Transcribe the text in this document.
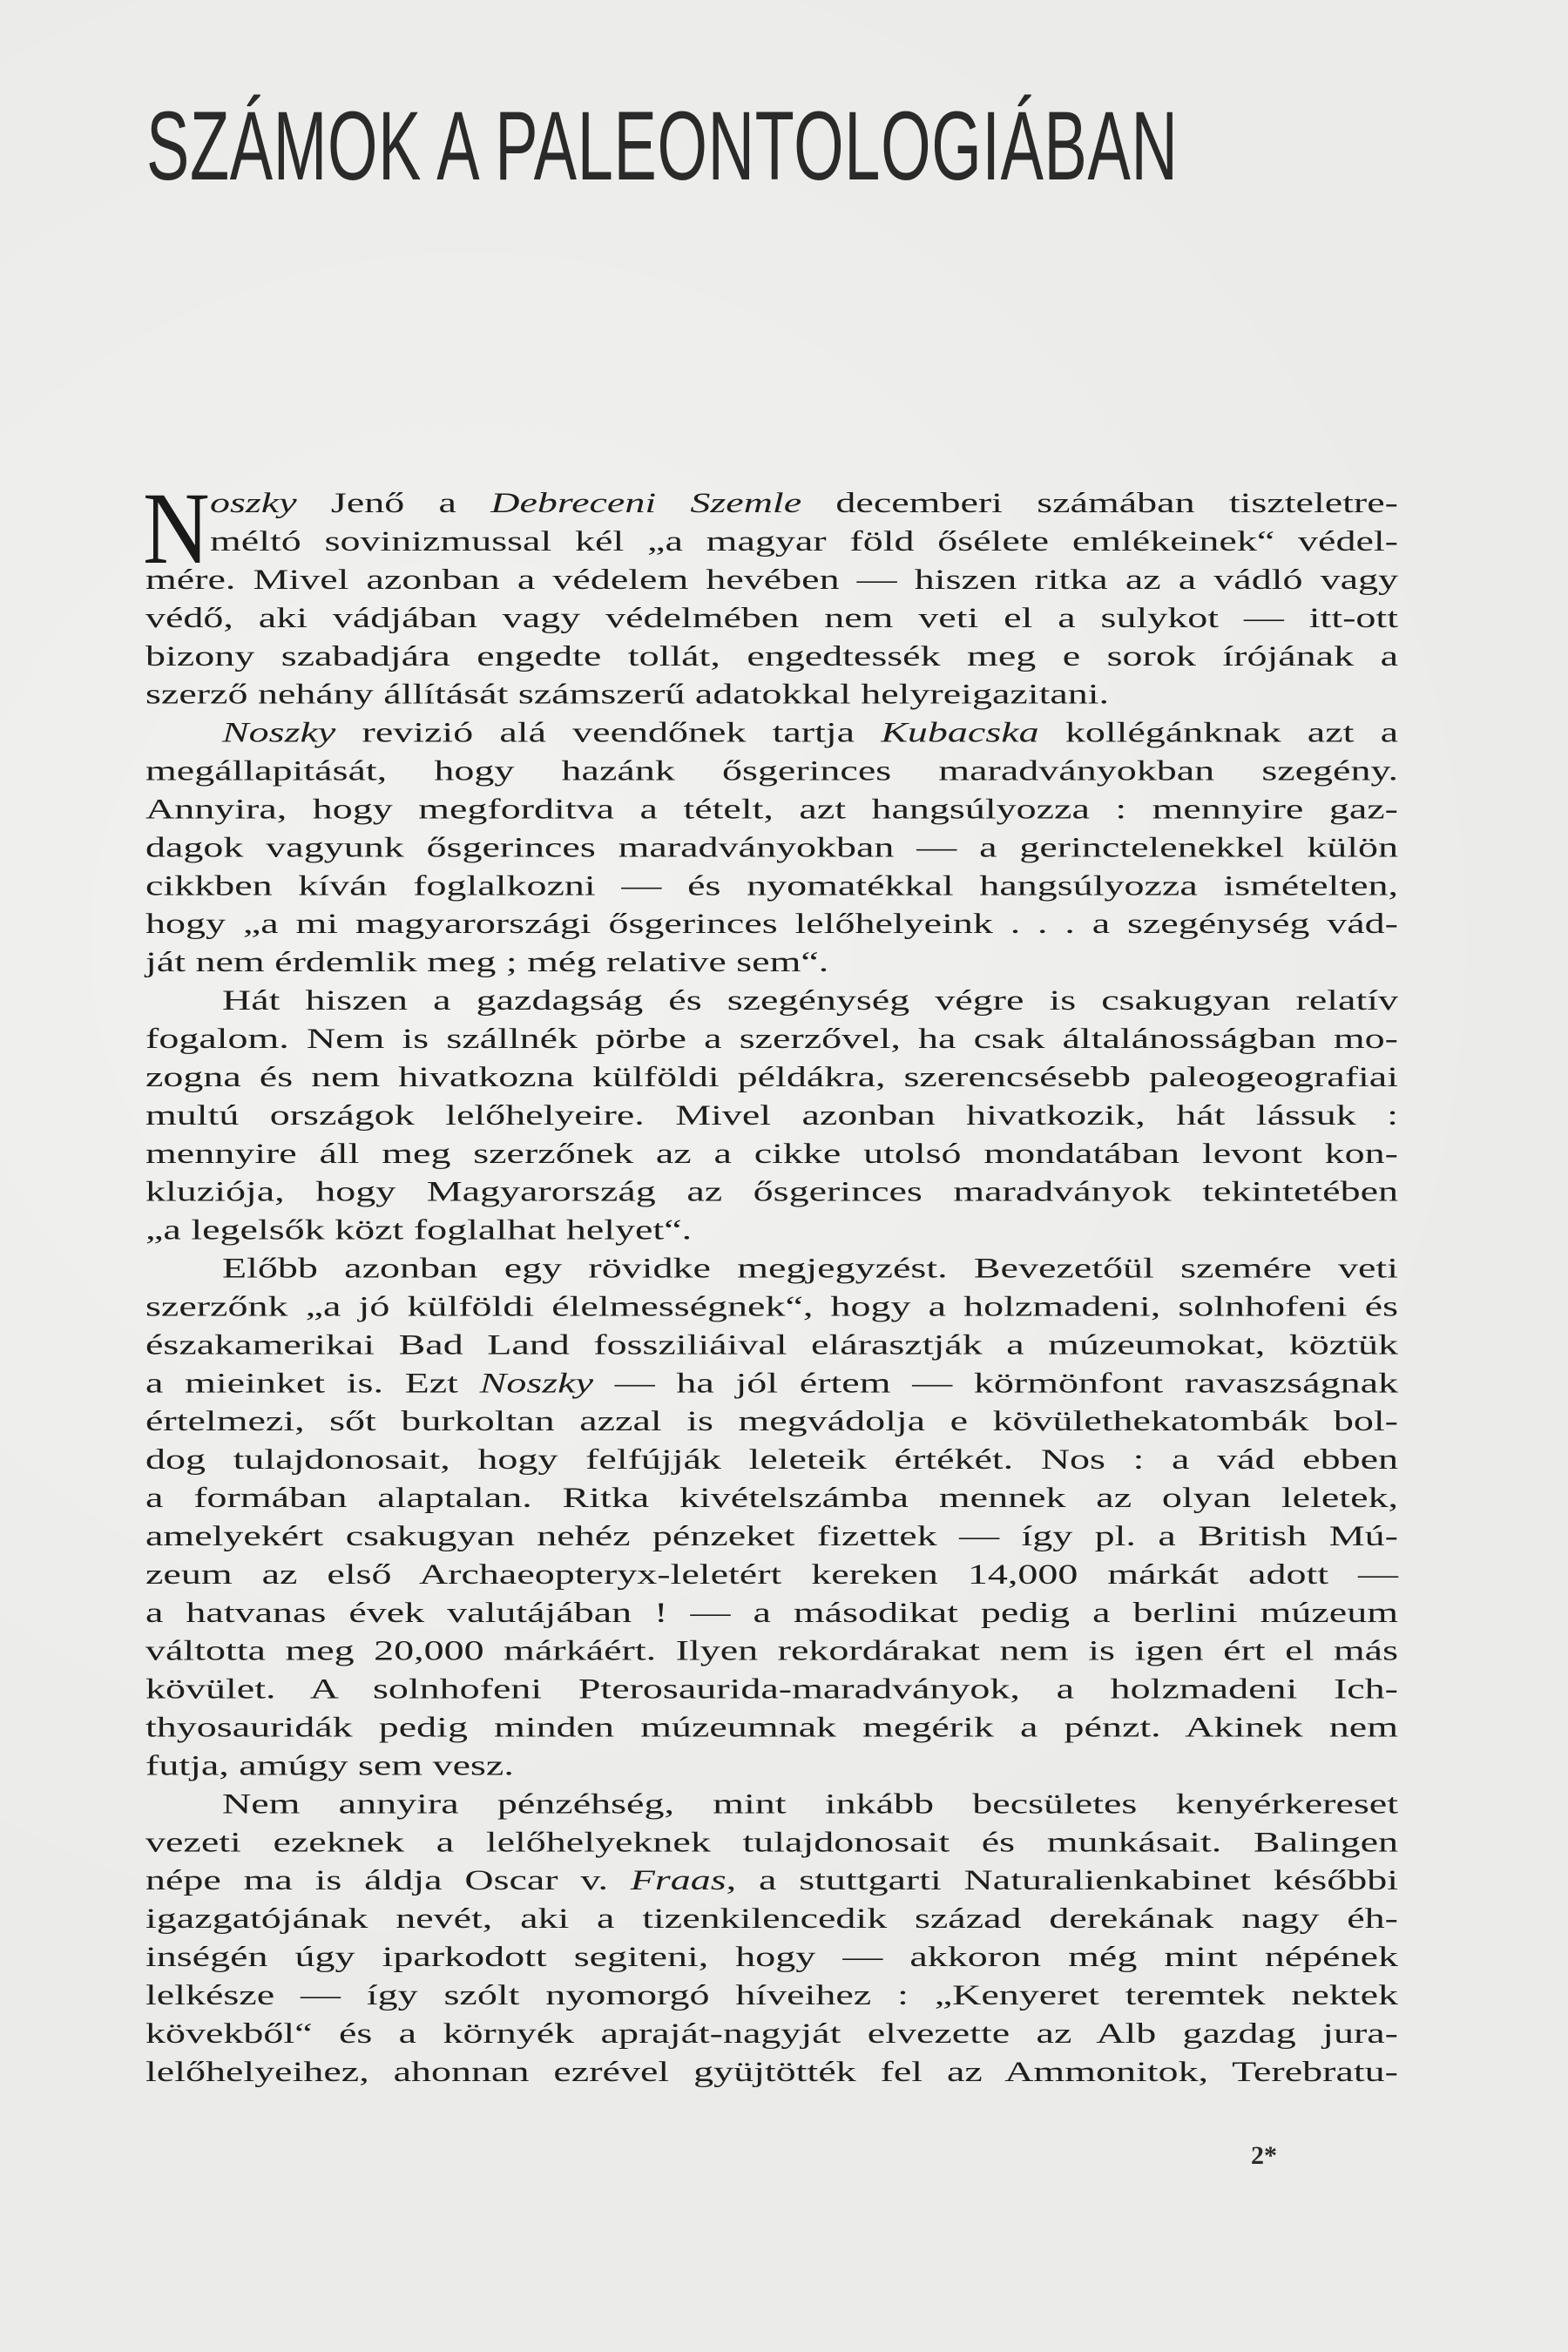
SZÁMOK A PALEONTOLOGIÁBAN
N oszky Jenő a Debreceni Szemle decemberi számában tiszteletre-
méltó sovinizmussal kél „a magyar föld ősélete emlékeinek“ védel-
mére. Mivel azonban a védelem hevében — hiszen ritka az a vádló vagy
védő, aki vádjában vagy védelmében nem veti el a sulykot — itt-ott
bizony szabadjára engedte tollát, engedtessék meg e sorok írójának a
szerző nehány állítását számszerű adatokkal helyreigazitani.
Noszky revizió alá veendőnek tartja Kubacska kollégánknak azt a
megállapitását, hogy hazánk ősgerinces maradványokban szegény.
Annyira, hogy megforditva a tételt, azt hangsúlyozza : mennyire gaz-
dagok vagyunk ősgerinces maradványokban — a gerinctelenekkel külön
cikkben kíván foglalkozni — és nyomatékkal hangsúlyozza ismételten,
hogy „a mi magyarországi ősgerinces lelőhelyeink . . . a szegénység vád-
ját nem érdemlik meg ; még relative sem“.
Hát hiszen a gazdagság és szegénység végre is csakugyan relatív
fogalom. Nem is szállnék pörbe a szerzővel, ha csak általánosságban mo-
zogna és nem hivatkozna külföldi példákra, szerencsésebb paleogeografiai
multú országok lelőhelyeire. Mivel azonban hivatkozik, hát lássuk :
mennyire áll meg szerzőnek az a cikke utolsó mondatában levont kon-
kluziója, hogy Magyarország az ősgerinces maradványok tekintetében
„a legelsők közt foglalhat helyet“.
Előbb azonban egy rövidke megjegyzést. Bevezetőül szemére veti
szerzőnk „a jó külföldi élelmességnek“, hogy a holzmadeni, solnhofeni és
északamerikai Bad Land fossziliáival elárasztják a múzeumokat, köztük
a mieinket is. Ezt Noszky — ha jól értem — körmönfont ravaszságnak
értelmezi, sőt burkoltan azzal is megvádolja e kövülethekatombák bol-
dog tulajdonosait, hogy felfújják leleteik értékét. Nos : a vád ebben
a formában alaptalan. Ritka kivételszámba mennek az olyan leletek,
amelyekért csakugyan nehéz pénzeket fizettek — így pl. a British Mú-
zeum az első Archaeopteryx-leletért kereken 14,000 márkát adott —
a hatvanas évek valutájában ! — a másodikat pedig a berlini múzeum
váltotta meg 20,000 márkáért. Ilyen rekordárakat nem is igen ért el más
kövület. A solnhofeni Pterosaurida-maradványok, a holzmadeni Ich-
thyosauridák pedig minden múzeumnak megérik a pénzt. Akinek nem
futja, amúgy sem vesz.
Nem annyira pénzéhség, mint inkább becsületes kenyérkereset
vezeti ezeknek a lelőhelyeknek tulajdonosait és munkásait. Balingen
népe ma is áldja Oscar v. Fraas, a stuttgarti Naturalienkabinet későbbi
igazgatójának nevét, aki a tizenkilencedik század derekának nagy éh-
inségén úgy iparkodott segiteni, hogy — akkoron még mint népének
lelkésze — így szólt nyomorgó híveihez : „Kenyeret teremtek nektek
kövekből“ és a környék apraját-nagyját elvezette az Alb gazdag jura-
lelőhelyeihez, ahonnan ezrével gyüjtötték fel az Ammonitok, Terebratu-
2*
